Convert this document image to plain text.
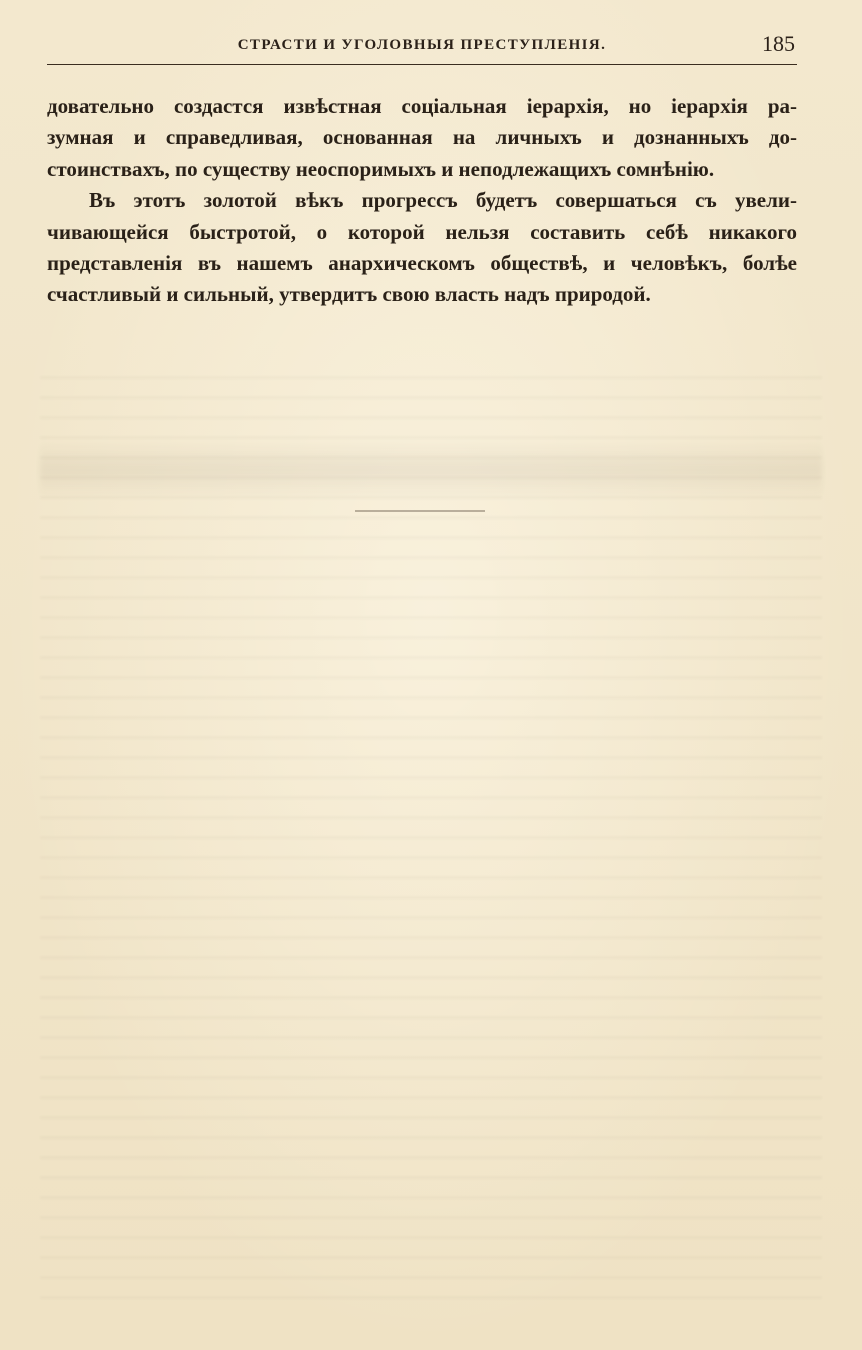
СТРАСТИ И УГОЛОВНЫЯ ПРЕСТУПЛЕНІЯ.	185
довательно создастся извѣстная соціальная іерархія, но іерархія ра-
зумная и справедливая, основанная на личныхъ и дознанныхъ до-
стоинствахъ, по существу неоспоримыхъ и неподлежащихъ сомнѣнію.
Въ этотъ золотой вѣкъ прогрессъ будетъ совершаться съ увели-
чивающейся быстротой, о которой нельзя составить себѣ никакого
представленія въ нашемъ анархическомъ обществѣ, и человѣкъ, болѣе
счастливый и сильный, утвердитъ свою власть надъ природой.
